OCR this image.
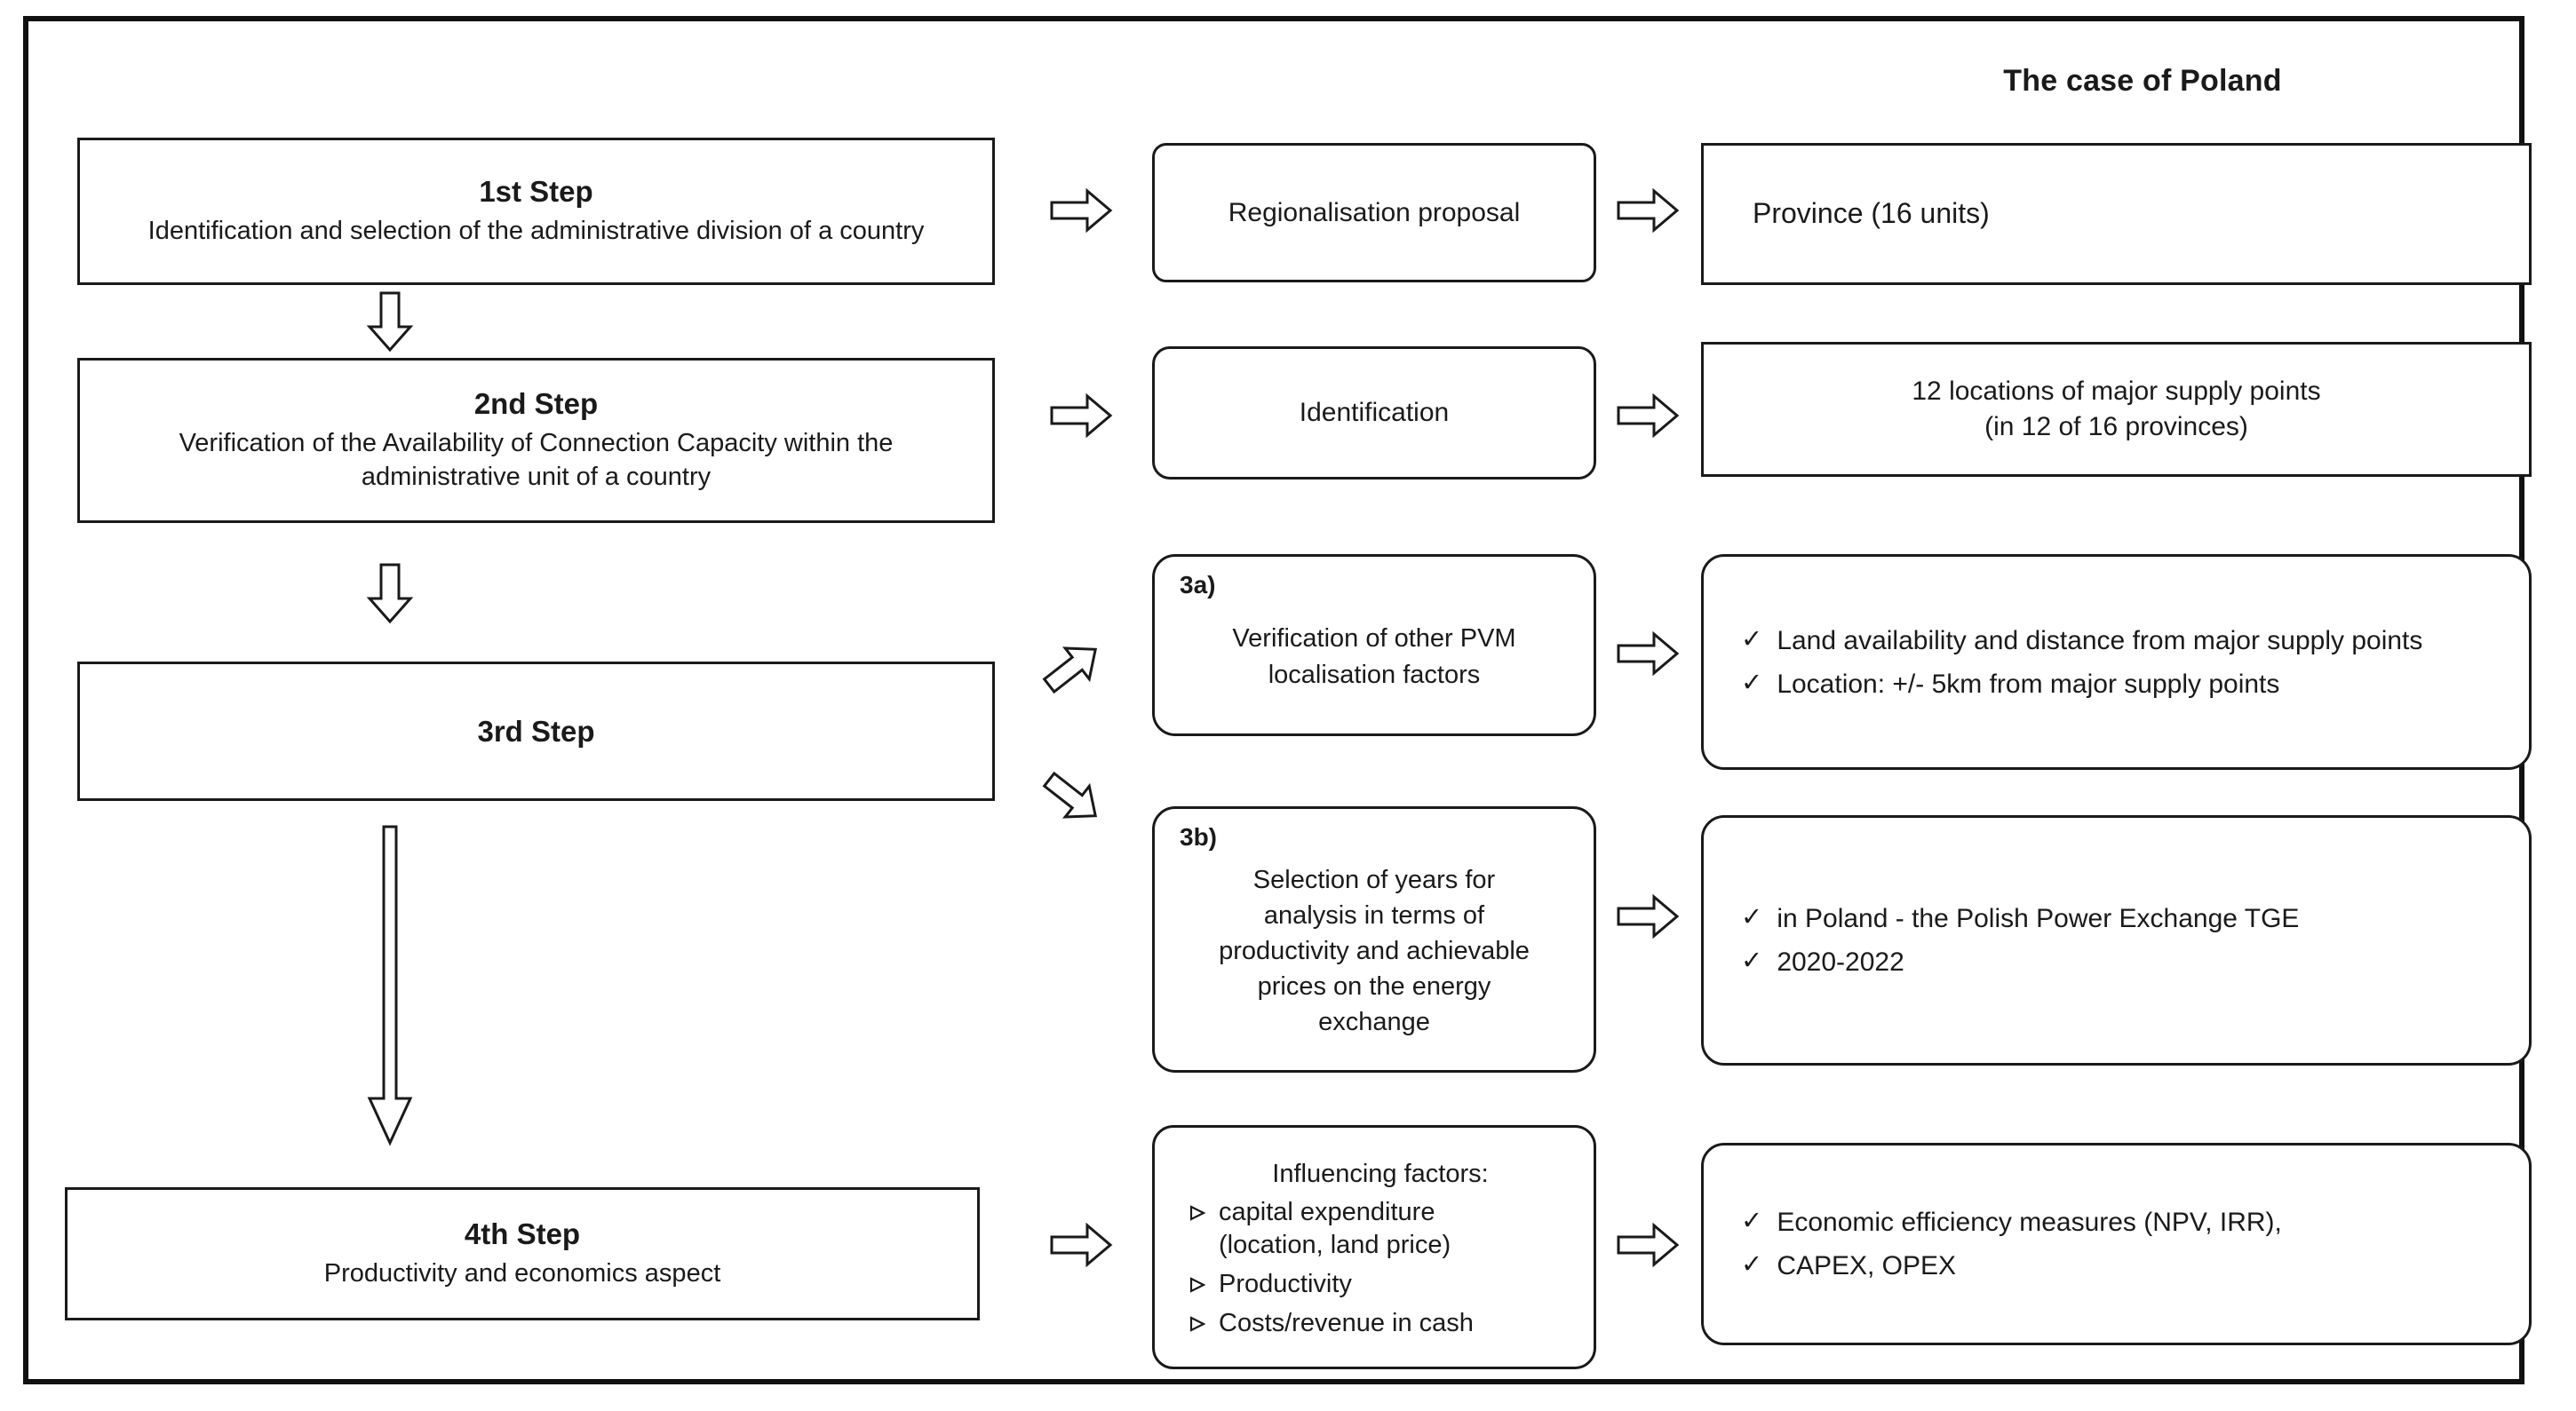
The case of Poland
1st Step
Identification and selection of the administrative division of a country
2nd Step
Verification of the Availability of Connection Capacity within the administrative unit of a country
3rd Step
4th Step
Productivity and economics aspect
Regionalisation proposal
Identification
3a)
Verification of other PVM localisation factors
3b)
Selection of years for analysis in terms of productivity and achievable prices on the energy exchange
Influencing factors:
capital expenditure (location, land price)
Productivity
Costs/revenue in cash
Province (16 units)
12 locations of major supply points
(in 12 of 16 provinces)
✓ Land availability and distance from major supply points
✓ Location: +/- 5km from major supply points
✓ in Poland - the Polish Power Exchange TGE
✓ 2020-2022
✓ Economic efficiency measures (NPV, IRR),
✓ CAPEX, OPEX
